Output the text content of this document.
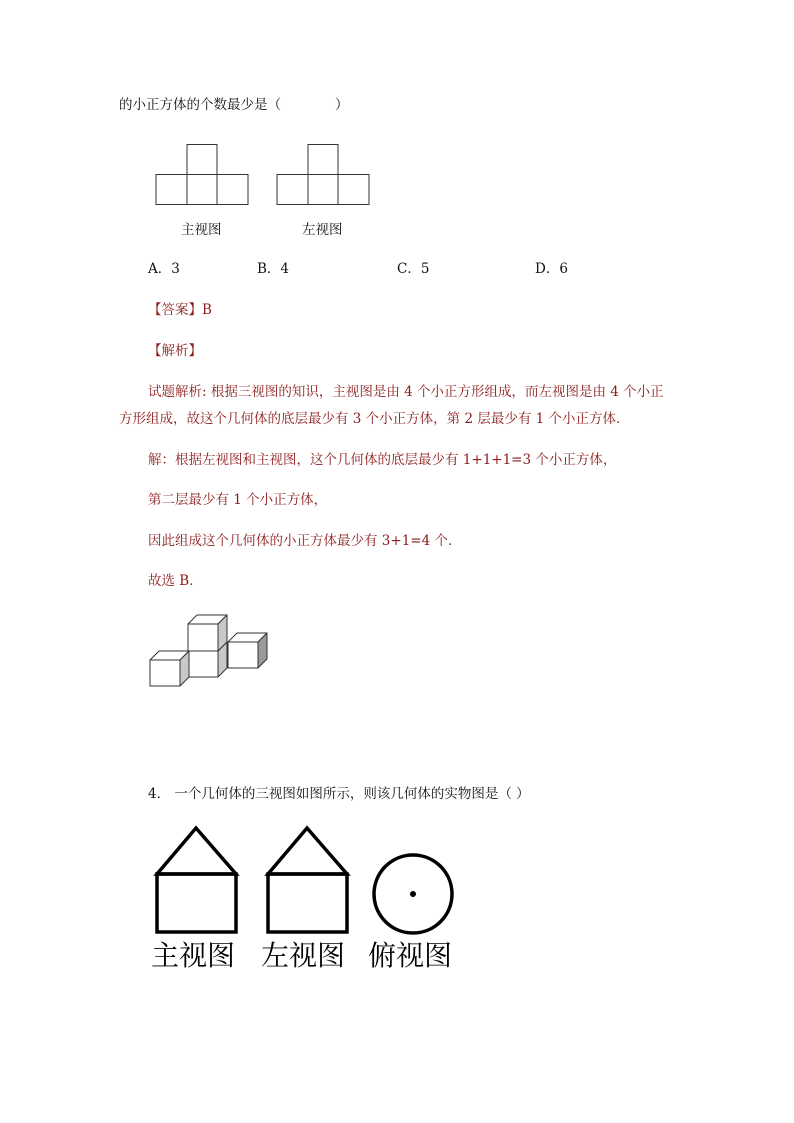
的小正方体的个数最少是（　　　　）
主视图	左视图
A．3	B．4	C．5	D．6
【答案】B
【解析】
试题解析: 根据三视图的知识，主视图是由 4 个小正方形组成，而左视图是由 4 个小正
方形组成，故这个几何体的底层最少有 3 个小正方体，第 2 层最少有 1 个小正方体．
解：根据左视图和主视图，这个几何体的底层最少有 1+1+1=3 个小正方体，
第二层最少有 1 个小正方体，
因此组成这个几何体的小正方体最少有 3+1=4 个．
故选 B．
4． 一个几何体的三视图如图所示，则该几何体的实物图是（ ）
主视图 左视图 俯视图
